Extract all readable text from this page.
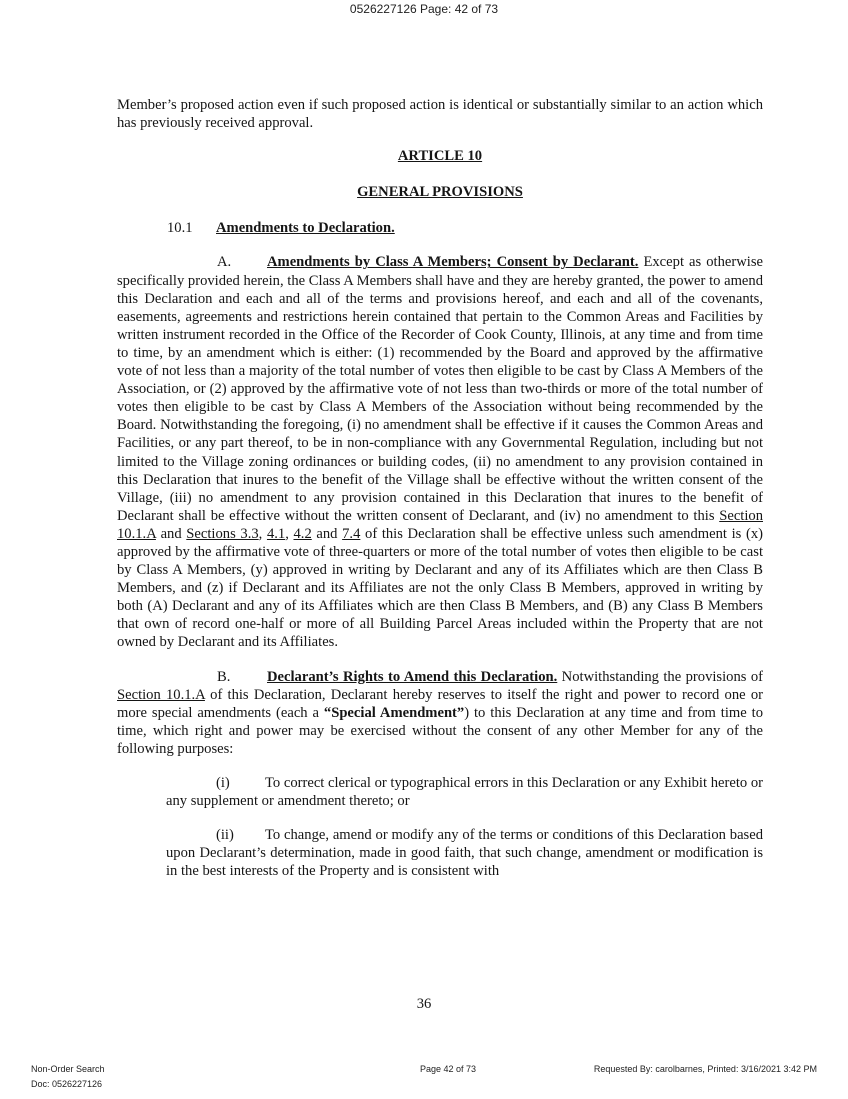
0526227126 Page: 42 of 73

Member’s proposed action even if such proposed action is identical or substantially similar to an action which has previously received approval.

ARTICLE 10

GENERAL PROVISIONS

10.1 Amendments to Declaration.

A. Amendments by Class A Members; Consent by Declarant. Except as otherwise specifically provided herein, the Class A Members shall have and they are hereby granted, the power to amend this Declaration and each and all of the terms and provisions hereof, and each and all of the covenants, easements, agreements and restrictions herein contained that pertain to the Common Areas and Facilities by written instrument recorded in the Office of the Recorder of Cook County, Illinois, at any time and from time to time, by an amendment which is either: (1) recommended by the Board and approved by the affirmative vote of not less than a majority of the total number of votes then eligible to be cast by Class A Members of the Association, or (2) approved by the affirmative vote of not less than two-thirds or more of the total number of votes then eligible to be cast by Class A Members of the Association without being recommended by the Board. Notwithstanding the foregoing, (i) no amendment shall be effective if it causes the Common Areas and Facilities, or any part thereof, to be in non-compliance with any Governmental Regulation, including but not limited to the Village zoning ordinances or building codes, (ii) no amendment to any provision contained in this Declaration that inures to the benefit of the Village shall be effective without the written consent of the Village, (iii) no amendment to any provision contained in this Declaration that inures to the benefit of Declarant shall be effective without the written consent of Declarant, and (iv) no amendment to this Section 10.1.A and Sections 3.3, 4.1, 4.2 and 7.4 of this Declaration shall be effective unless such amendment is (x) approved by the affirmative vote of three-quarters or more of the total number of votes then eligible to be cast by Class A Members, (y) approved in writing by Declarant and any of its Affiliates which are then Class B Members, and (z) if Declarant and its Affiliates are not the only Class B Members, approved in writing by both (A) Declarant and any of its Affiliates which are then Class B Members, and (B) any Class B Members that own of record one-half or more of all Building Parcel Areas included within the Property that are not owned by Declarant and its Affiliates.

B.	Declarant’s Rights to Amend this Declaration. Notwithstanding the provisions of Section 10.1.A of this Declaration, Declarant hereby reserves to itself the right and power to record one or more special amendments (each a “Special Amendment”) to this Declaration at any time and from time to time, which right and power may be exercised without the consent of any other Member for any of the following purposes:

(i) To correct clerical or typographical errors in this Declaration or any Exhibit hereto or any supplement or amendment thereto; or

(ii) To change, amend or modify any of the terms or conditions of this Declaration based upon Declarant’s determination, made in good faith, that such change, amendment or modification is in the best interests of the Property and is consistent with

36
Non-Order Search
Doc: 0526227126
Page 42 of 73	Requested By: carolbarnes, Printed: 3/16/2021 3:42 PM
